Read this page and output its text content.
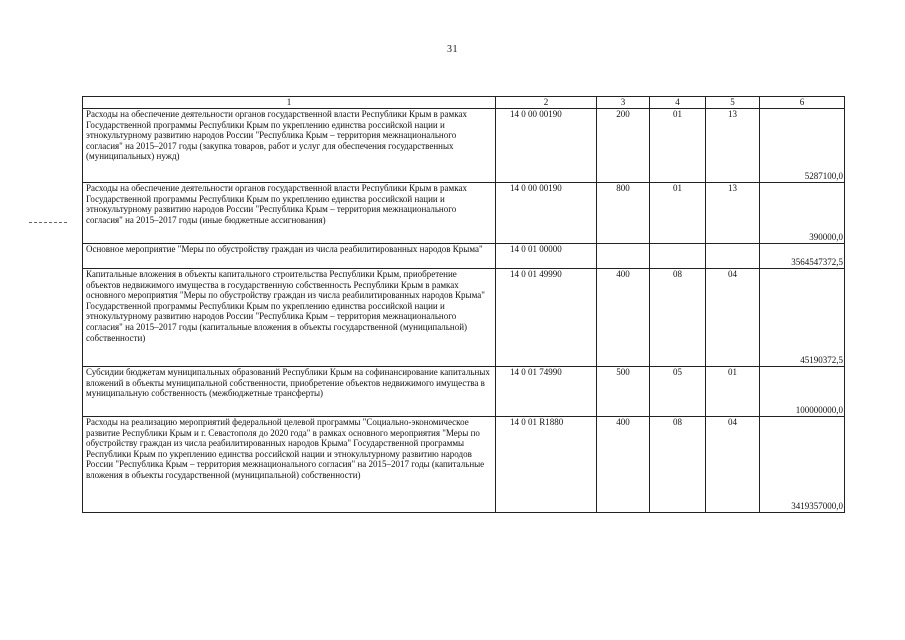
31
1	2	3	4	5	6
Расходы на обеспечение деятельности органов государственной власти Республики Крым в рамках Государственной программы Республики Крым по укреплению единства российской нации и этнокультурному развитию народов России "Республика Крым – территория межнационального согласия" на 2015–2017 годы (закупка товаров, работ и услуг для обеспечения государственных (муниципальных) нужд)	14 0 00 00190	200	01	13	5287100,0
Расходы на обеспечение деятельности органов государственной власти Республики Крым в рамках Государственной программы Республики Крым по укреплению единства российской нации и этнокультурному развитию народов России "Республика Крым – территория межнационального согласия" на 2015–2017 годы (иные бюджетные ассигнования)	14 0 00 00190	800	01	13	390000,0
Основное мероприятие "Меры по обустройству граждан из числа реабилитированных народов Крыма"	14 0 01 00000				3564547372,5
Капитальные вложения в объекты капитального строительства Республики Крым, приобретение объектов недвижимого имущества в государственную собственность Республики Крым в рамках основного мероприятия "Меры по обустройству граждан из числа реабилитированных народов Крыма" Государственной программы Республики Крым по укреплению единства российской нации и этнокультурному развитию народов России "Республика Крым – территория межнационального согласия" на 2015–2017 годы (капитальные вложения в объекты государственной (муниципальной) собственности)	14 0 01 49990	400	08	04	45190372,5
Субсидии бюджетам муниципальных образований Республики Крым на софинансирование капитальных вложений в объекты муниципальной собственности, приобретение объектов недвижимого имущества в муниципальную собственность (межбюджетные трансферты)	14 0 01 74990	500	05	01	100000000,0
Расходы на реализацию мероприятий федеральной целевой программы "Социально-экономическое развитие Республики Крым и г. Севастополя до 2020 года" в рамках основного мероприятия "Меры по обустройству граждан из числа реабилитированных народов Крыма" Государственной программы Республики Крым по укреплению единства российской нации и этнокультурному развитию народов России "Республика Крым – территория межнационального согласия" на 2015–2017 годы (капитальные вложения в объекты государственной (муниципальной) собственности)	14 0 01 R1880	400	08	04	3419357000,0
